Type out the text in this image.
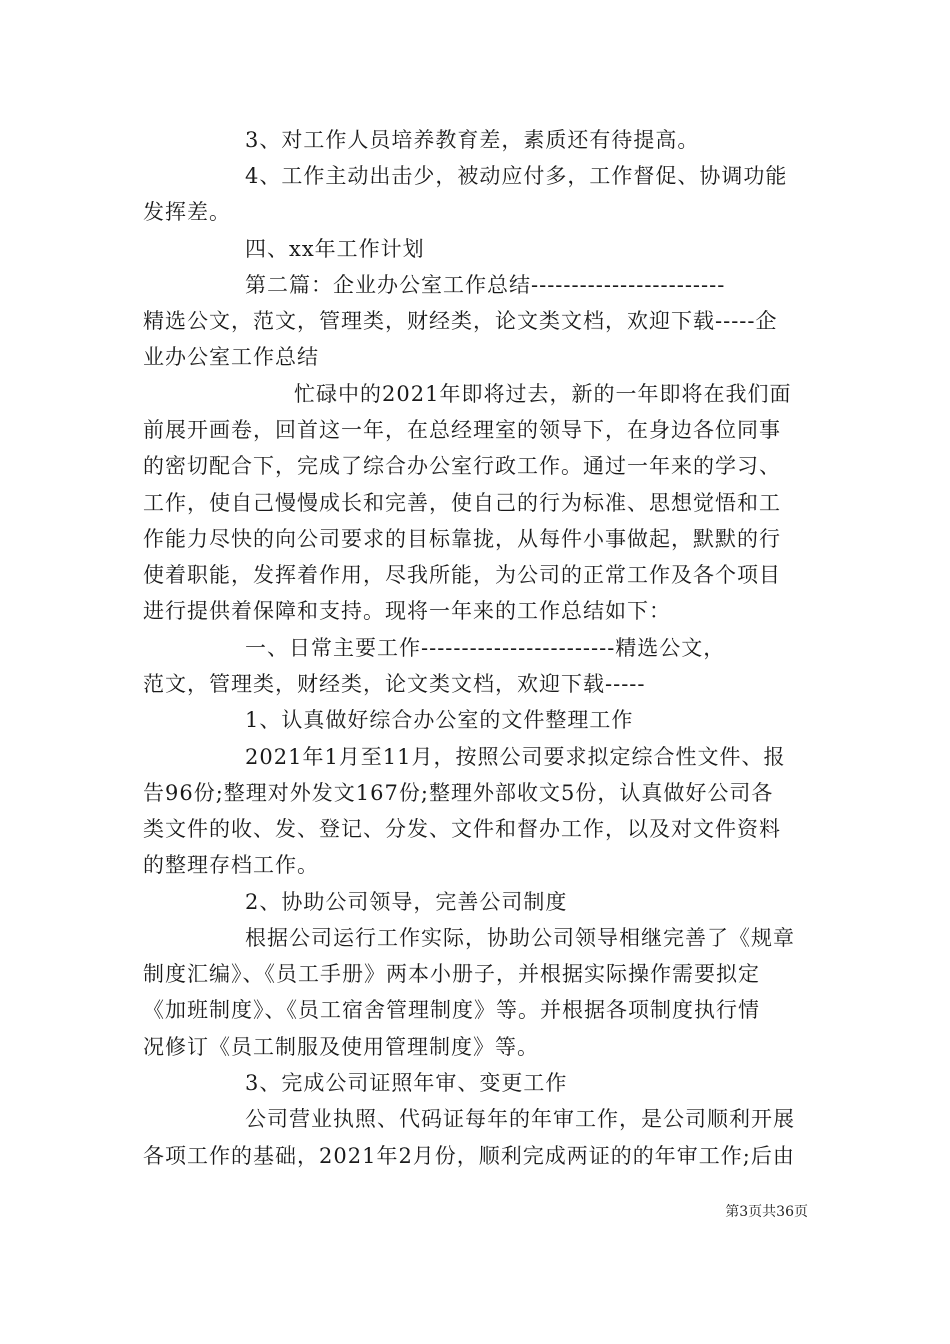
3、对工作人员培养教育差，素质还有待提高。
4、工作主动出击少，被动应付多，工作督促、协调功能
发挥差。
四、xx年工作计划
第二篇：企业办公室工作总结------------------------
精选公文，范文，管理类，财经类，论文类文档，欢迎下载-----企
业办公室工作总结
忙碌中的2021年即将过去，新的一年即将在我们面
前展开画卷，回首这一年，在总经理室的领导下，在身边各位同事
的密切配合下，完成了综合办公室行政工作。通过一年来的学习、
工作，使自己慢慢成长和完善，使自己的行为标准、思想觉悟和工
作能力尽快的向公司要求的目标靠拢，从每件小事做起，默默的行
使着职能，发挥着作用，尽我所能，为公司的正常工作及各个项目
进行提供着保障和支持。现将一年来的工作总结如下：
一、日常主要工作------------------------精选公文，
范文，管理类，财经类，论文类文档，欢迎下载-----
1、认真做好综合办公室的文件整理工作
2021年1月至11月，按照公司要求拟定综合性文件、报
告96份;整理对外发文167份;整理外部收文5份，认真做好公司各
类文件的收、发、登记、分发、文件和督办工作，以及对文件资料
的整理存档工作。
2、协助公司领导，完善公司制度
根据公司运行工作实际，协助公司领导相继完善了《规章
制度汇编》、《员工手册》两本小册子，并根据实际操作需要拟定
《加班制度》、《员工宿舍管理制度》等。并根据各项制度执行情
况修订《员工制服及使用管理制度》等。
3、完成公司证照年审、变更工作
公司营业执照、代码证每年的年审工作，是公司顺利开展
各项工作的基础，2021年2月份，顺利完成两证的的年审工作;后由
第3页共36页
